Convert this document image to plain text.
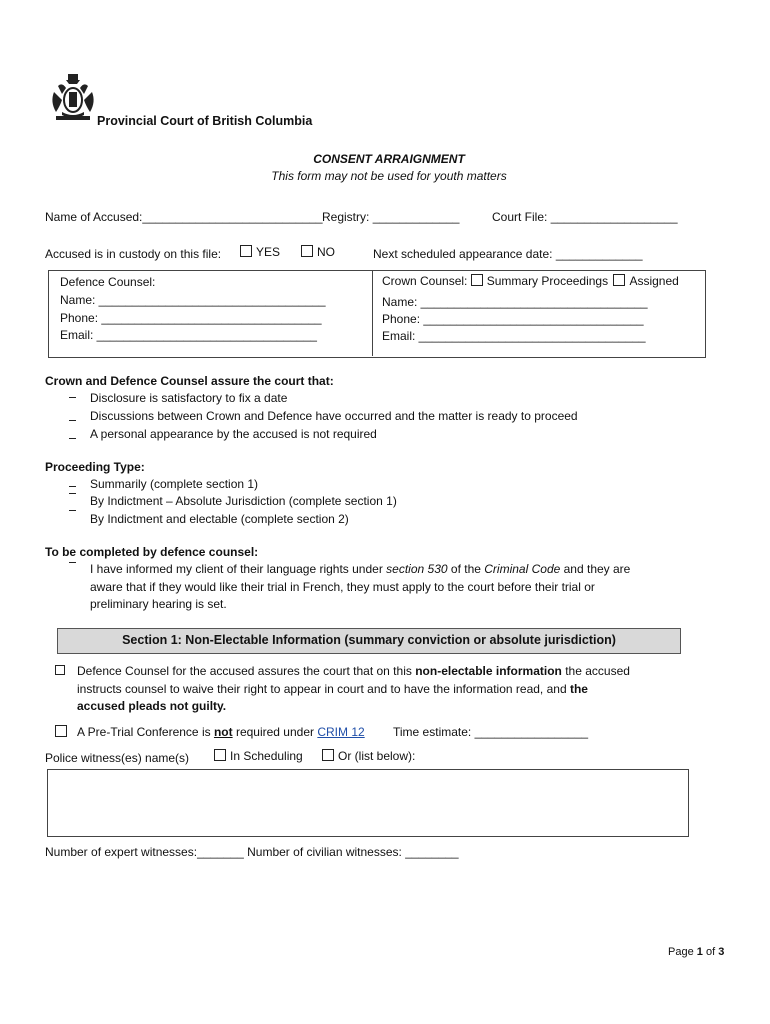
Provincial Court of British Columbia
CONSENT ARRAIGNMENT
This form may not be used for youth matters
Name of Accused:___________________________ Registry: _____________	Court File: ___________________
Accused is in custody on this file:	YES	NO	Next scheduled appearance date: _____________
Defence Counsel:
Name: __________________________________
Phone: _________________________________
Email: _________________________________
Crown Counsel: Summary Proceedings Assigned
Name: __________________________________
Phone: _________________________________
Email: __________________________________
Crown and Defence Counsel assure the court that:
Disclosure is satisfactory to fix a date
Discussions between Crown and Defence have occurred and the matter is ready to proceed
A personal appearance by the accused is not required
Proceeding Type:
Summarily (complete section 1)
By Indictment – Absolute Jurisdiction (complete section 1)
By Indictment and electable (complete section 2)
To be completed by defence counsel:
I have informed my client of their language rights under section 530 of the Criminal Code and they are
aware that if they would like their trial in French, they must apply to the court before their trial or
preliminary hearing is set.
Section 1: Non-Electable Information (summary conviction or absolute jurisdiction)
Defence Counsel for the accused assures the court that on this non-electable information the accused
instructs counsel to waive their right to appear in court and to have the information read, and the
accused pleads not guilty.
A Pre-Trial Conference is not required under CRIM 12 Time estimate: _________________
Police witness(es) name(s)	In Scheduling	Or (list below):
Number of expert witnesses:_______ Number of civilian witnesses: ________
Page 1 of 3
